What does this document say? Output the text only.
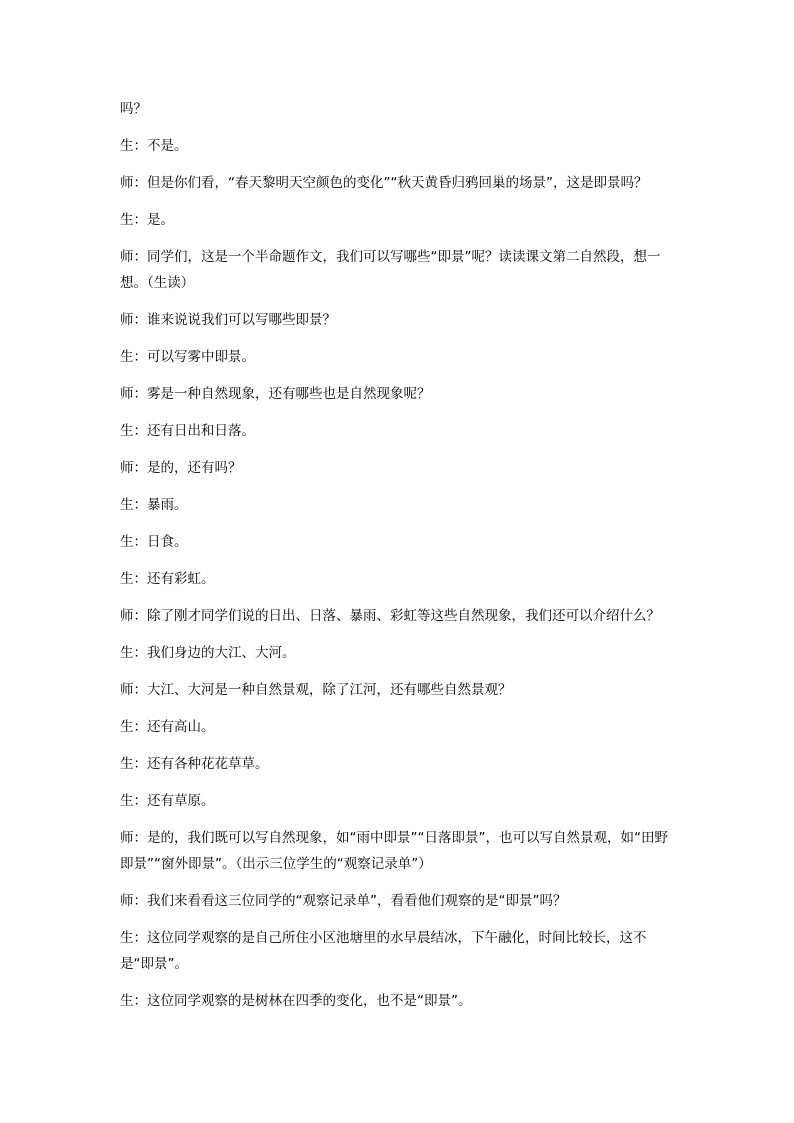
吗？

生：不是。

师：但是你们看，“春天黎明天空颜色的变化”“秋天黄昏归鸦回巢的场景”，这是即景吗？

生：是。

师：同学们，这是一个半命题作文，我们可以写哪些“即景”呢？读读课文第二自然段，想一想。（生读）

师：谁来说说我们可以写哪些即景？

生：可以写雾中即景。

师：雾是一种自然现象，还有哪些也是自然现象呢？

生：还有日出和日落。

师：是的，还有吗？

生：暴雨。

生：日食。

生：还有彩虹。

师：除了刚才同学们说的日出、日落、暴雨、彩虹等这些自然现象，我们还可以介绍什么？

生：我们身边的大江、大河。

师：大江、大河是一种自然景观，除了江河，还有哪些自然景观？

生：还有高山。

生：还有各种花花草草。

生：还有草原。

师：是的，我们既可以写自然现象，如“雨中即景”“日落即景”，也可以写自然景观，如“田野即景”“窗外即景”。（出示三位学生的“观察记录单”）

师：我们来看看这三位同学的“观察记录单”，看看他们观察的是“即景”吗？

生：这位同学观察的是自己所住小区池塘里的水早晨结冰，下午融化，时间比较长，这不是“即景”。

生：这位同学观察的是树林在四季的变化，也不是“即景”。
